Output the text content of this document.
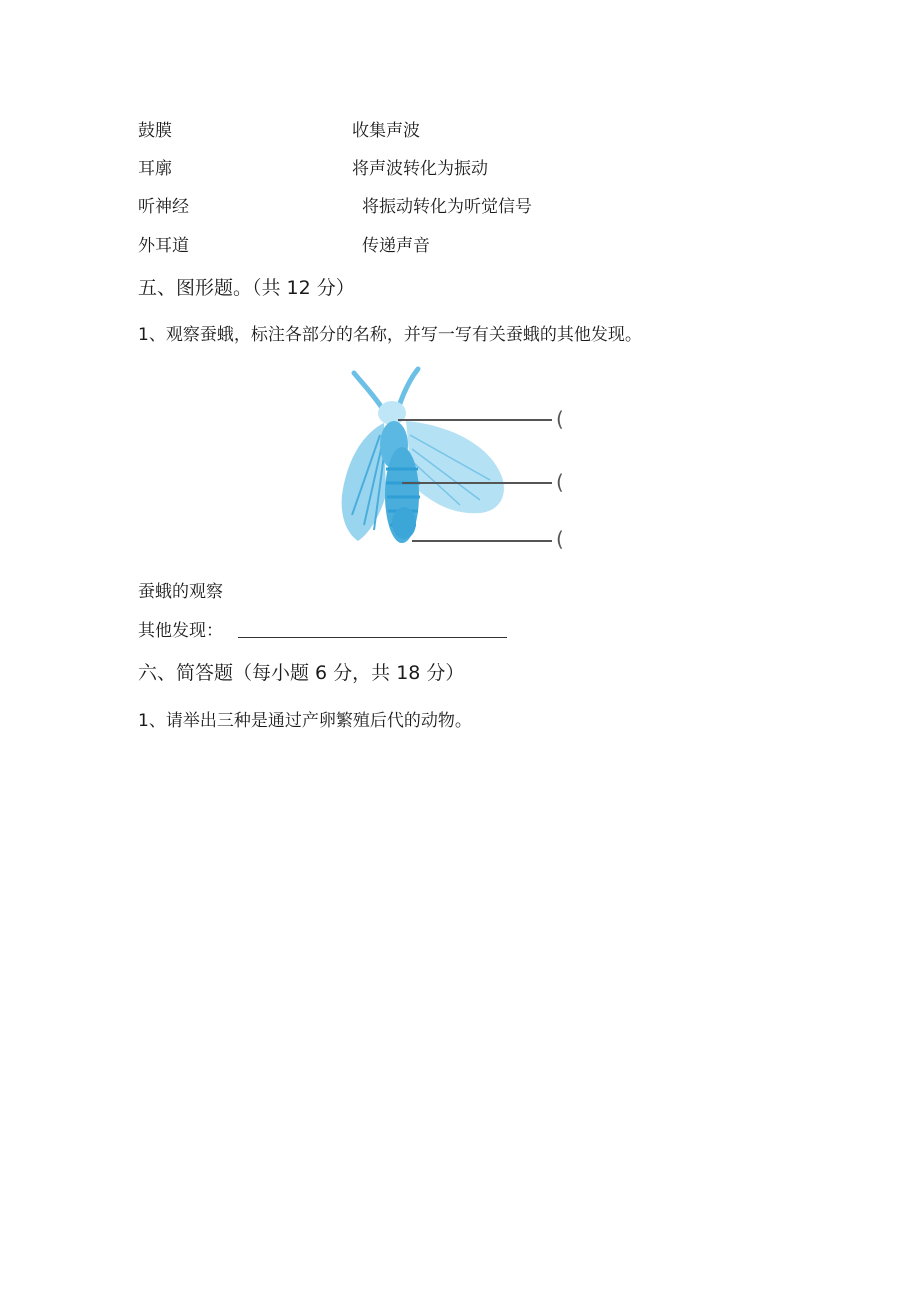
鼓膜	收集声波
耳廓	将声波转化为振动
听神经	将振动转化为听觉信号
外耳道	传递声音
五、图形题。（共 12 分）
1、观察蚕蛾，标注各部分的名称，并写一写有关蚕蛾的其他发现。
(
(
(
蚕蛾的观察
其他发现：
六、简答题（每小题 6 分，共 18 分）
1、请举出三种是通过产卵繁殖后代的动物。
